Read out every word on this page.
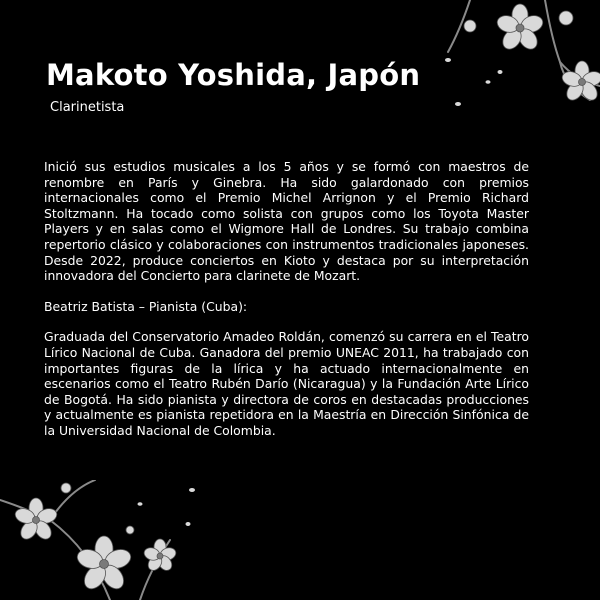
Makoto Yoshida, Japón

Clarinetista

Inició sus estudios musicales a los 5 años y se formó con maestros de renombre en París y Ginebra. Ha sido galardonado con premios internacionales como el Premio Michel Arrignon y el Premio Richard Stoltzmann. Ha tocado como solista con grupos como los Toyota Master Players y en salas como el Wigmore Hall de Londres. Su trabajo combina repertorio clásico y colaboraciones con instrumentos tradicionales japoneses. Desde 2022, produce conciertos en Kioto y destaca por su interpretación innovadora del Concierto para clarinete de Mozart.

Beatriz Batista – Pianista (Cuba):

Graduada del Conservatorio Amadeo Roldán, comenzó su carrera en el Teatro Lírico Nacional de Cuba. Ganadora del premio UNEAC 2011, ha trabajado con importantes figuras de la lírica y ha actuado internacionalmente en escenarios como el Teatro Rubén Darío (Nicaragua) y la Fundación Arte Lírico de Bogotá. Ha sido pianista y directora de coros en destacadas producciones y actualmente es pianista repetidora en la Maestría en Dirección Sinfónica de la Universidad Nacional de Colombia.
